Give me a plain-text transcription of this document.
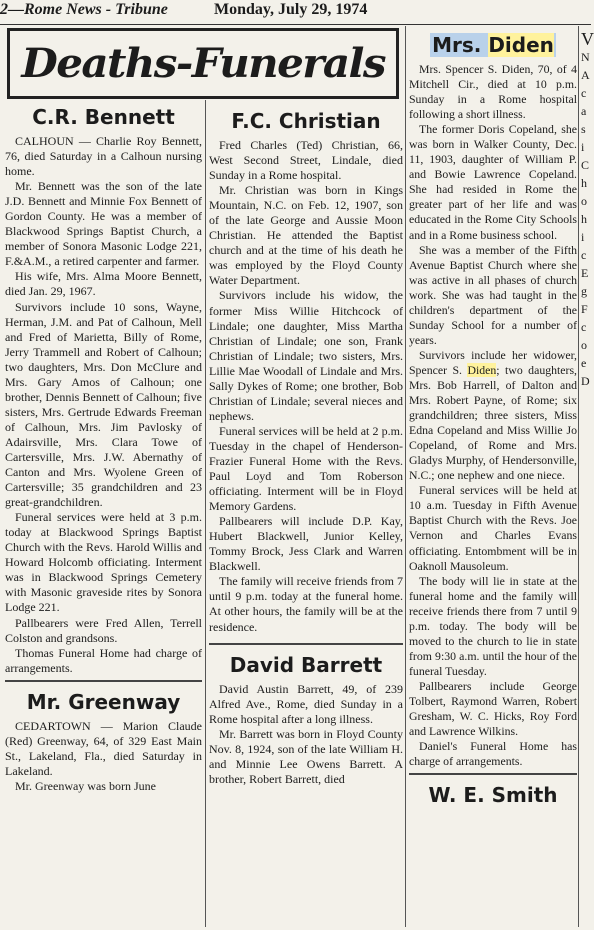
2—Rome News - Tribune	Monday, July 29, 1974
Deaths-Funerals
C.R. Bennett

CALHOUN — Charlie Roy Bennett, 76, died Saturday in a Calhoun nursing home.

Mr. Bennett was the son of the late J.D. Bennett and Minnie Fox Bennett of Gordon County. He was a member of Blackwood Springs Baptist Church, a member of Sonora Masonic Lodge 221, F.&A.M., a retired carpenter and farmer.

His wife, Mrs. Alma Moore Bennett, died Jan. 29, 1967.

Survivors include 10 sons, Wayne, Herman, J.M. and Pat of Calhoun, Mell and Fred of Marietta, Billy of Rome, Jerry Trammell and Robert of Calhoun; two daughters, Mrs. Don McClure and Mrs. Gary Amos of Calhoun; one brother, Dennis Bennett of Calhoun; five sisters, Mrs. Gertrude Edwards Freeman of Calhoun, Mrs. Jim Pavlosky of Adairsville, Mrs. Clara Towe of Cartersville, Mrs. J.W. Abernathy of Canton and Mrs. Wyolene Green of Cartersville; 35 grandchildren and 23 great-grandchildren.

Funeral services were held at 3 p.m. today at Blackwood Springs Baptist Church with the Revs. Harold Willis and Howard Holcomb officiating. Interment was in Blackwood Springs Cemetery with Masonic graveside rites by Sonora Lodge 221.

Pallbearers were Fred Allen, Terrell Colston and grandsons.

Thomas Funeral Home had charge of arrangements.

Mr. Greenway

CEDARTOWN — Marion Claude (Red) Greenway, 64, of 329 East Main St., Lakeland, Fla., died Saturday in Lakeland.

Mr. Greenway was born June

F.C. Christian

Fred Charles (Ted) Christian, 66, West Second Street, Lindale, died Sunday in a Rome hospital.

Mr. Christian was born in Kings Mountain, N.C. on Feb. 12, 1907, son of the late George and Aussie Moon Christian. He attended the Baptist church and at the time of his death he was employed by the Floyd County Water Department.

Survivors include his widow, the former Miss Willie Hitchcock of Lindale; one daughter, Miss Martha Christian of Lindale; one son, Frank Christian of Lindale; two sisters, Mrs. Lillie Mae Woodall of Lindale and Mrs. Sally Dykes of Rome; one brother, Bob Christian of Lindale; several nieces and nephews.

Funeral services will be held at 2 p.m. Tuesday in the chapel of Henderson-Frazier Funeral Home with the Revs. Paul Loyd and Tom Roberson officiating. Interment will be in Floyd Memory Gardens.

Pallbearers will include D.P. Kay, Hubert Blackwell, Junior Kelley, Tommy Brock, Jess Clark and Warren Blackwell.

The family will receive friends from 7 until 9 p.m. today at the funeral home. At other hours, the family will be at the residence.

David Barrett

David Austin Barrett, 49, of 239 Alfred Ave., Rome, died Sunday in a Rome hospital after a long illness.

Mr. Barrett was born in Floyd County Nov. 8, 1924, son of the late William H. and Minnie Lee Owens Barrett. A brother, Robert Barrett, died

Mrs. Diden

Mrs. Spencer S. Diden, 70, of 4 Mitchell Cir., died at 10 p.m. Sunday in a Rome hospital following a short illness.

The former Doris Copeland, she was born in Walker County, Dec. 11, 1903, daughter of William P. and Bowie Lawrence Copeland. She had resided in Rome the greater part of her life and was educated in the Rome City Schools and in a Rome business school.

She was a member of the Fifth Avenue Baptist Church where she was active in all phases of church work. She was had taught in the children's department of the Sunday School for a number of years.

Survivors include her widower, Spencer S. Diden; two daughters, Mrs. Bob Harrell, of Dalton and Mrs. Robert Payne, of Rome; six grandchildren; three sisters, Miss Edna Copeland and Miss Willie Jo Copeland, of Rome and Mrs. Gladys Murphy, of Hendersonville, N.C.; one nephew and one niece.

Funeral services will be held at 10 a.m. Tuesday in Fifth Avenue Baptist Church with the Revs. Joe Vernon and Charles Evans officiating. Entombment will be in Oaknoll Mausoleum.

The body will lie in state at the funeral home and the family will receive friends there from 7 until 9 p.m. today. The body will be moved to the church to lie in state from 9:30 a.m. until the hour of the funeral Tuesday.

Pallbearers include George Tolbert, Raymond Warren, Robert Gresham, W. C. Hicks, Roy Ford and Lawrence Wilkins.

Daniel's Funeral Home has charge of arrangements.

W. E. Smith
V
N
A
c
a
s
i
C
h
o
h
i
c
E
g
F
c
o
e
D
